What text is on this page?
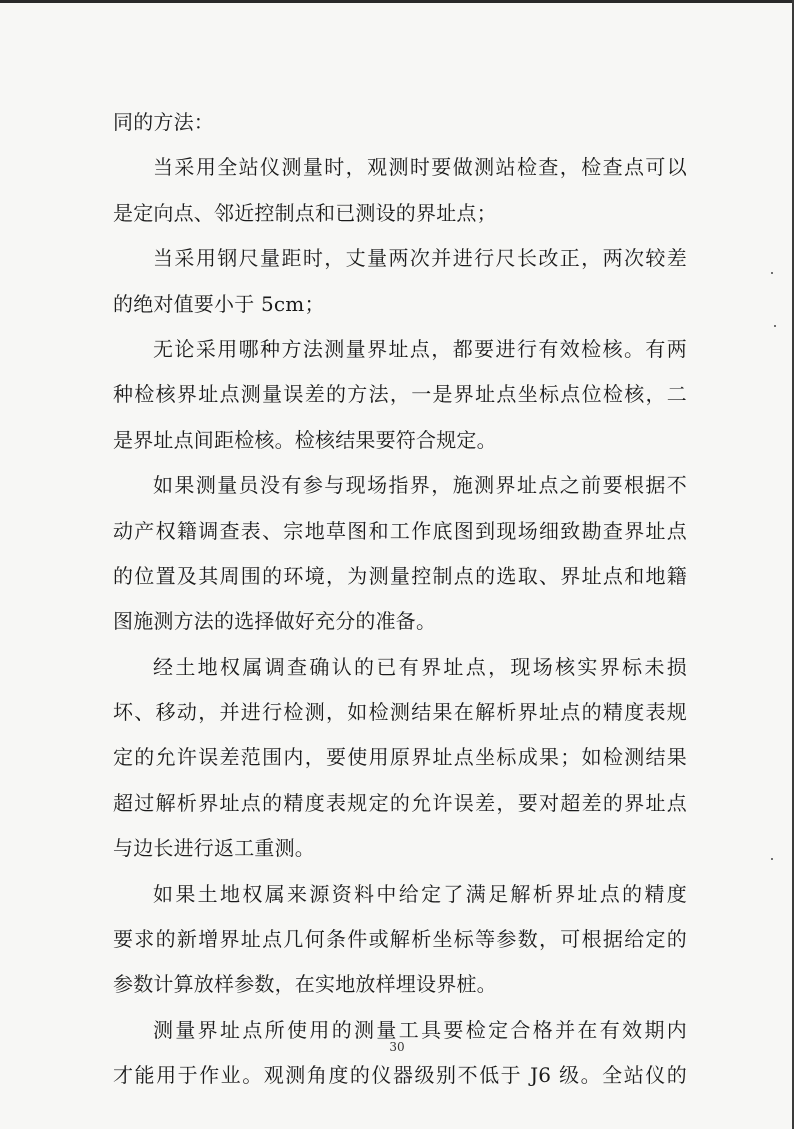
同的方法：
当采用全站仪测量时，观测时要做测站检查，检查点可以
是定向点、邻近控制点和已测设的界址点；
当采用钢尺量距时，丈量两次并进行尺长改正，两次较差
的绝对值要小于 5cm；
无论采用哪种方法测量界址点，都要进行有效检核。有两
种检核界址点测量误差的方法，一是界址点坐标点位检核，二
是界址点间距检核。检核结果要符合规定。
如果测量员没有参与现场指界，施测界址点之前要根据不
动产权籍调查表、宗地草图和工作底图到现场细致勘查界址点
的位置及其周围的环境，为测量控制点的选取、界址点和地籍
图施测方法的选择做好充分的准备。
经土地权属调查确认的已有界址点，现场核实界标未损
坏、移动，并进行检测，如检测结果在解析界址点的精度表规
定的允许误差范围内，要使用原界址点坐标成果；如检测结果
超过解析界址点的精度表规定的允许误差，要对超差的界址点
与边长进行返工重测。
如果土地权属来源资料中给定了满足解析界址点的精度
要求的新增界址点几何条件或解析坐标等参数，可根据给定的
参数计算放样参数，在实地放样埋设界桩。
测量界址点所使用的测量工具要检定合格并在有效期内
才能用于作业。观测角度的仪器级别不低于 J6 级。全站仪的
30
